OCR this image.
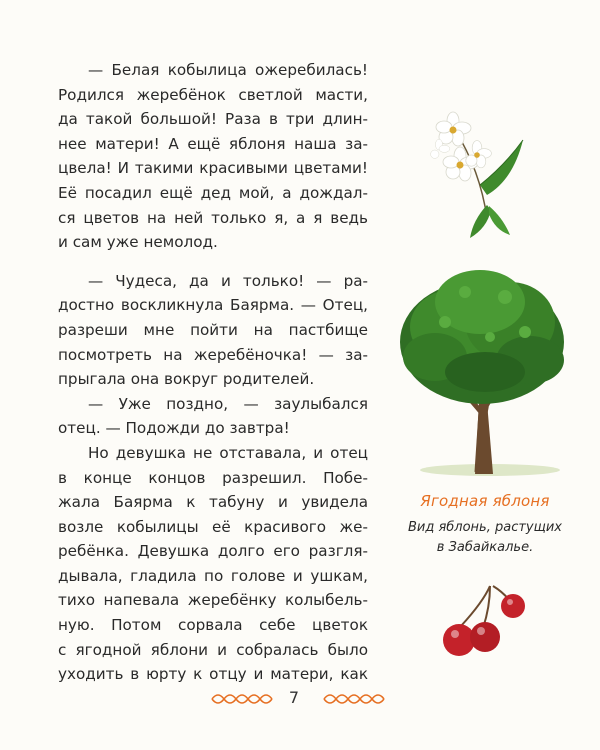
— Белая кобылица ожеребилась!
Родился жеребёнок светлой масти,
да такой большой! Раза в три длин-
нее матери! А ещё яблоня наша за-
цвела! И такими красивыми цветами!
Её посадил ещё дед мой, а дождал-
ся цветов на ней только я, а я ведь
и сам уже немолод.
— Чудеса, да и только! — ра-
достно воскликнула Баярма. — Отец,
разреши мне пойти на пастбище
посмотреть на жеребёночка! — за-
прыгала она вокруг родителей.
— Уже поздно, — заулыбался
отец. — Подожди до завтра!
Но девушка не отставала, и отец
в конце концов разрешил. Побе-
жала Баярма к табуну и увидела
возле кобылицы её красивого же-
ребёнка. Девушка долго его разгля-
дывала, гладила по голове и ушкам,
тихо напевала жеребёнку колыбель-
ную. Потом сорвала себе цветок
с ягодной яблони и собралась было
уходить в юрту к отцу и матери, как
Ягодная яблоня
Вид яблонь, растущих
в Забайкалье.
7
